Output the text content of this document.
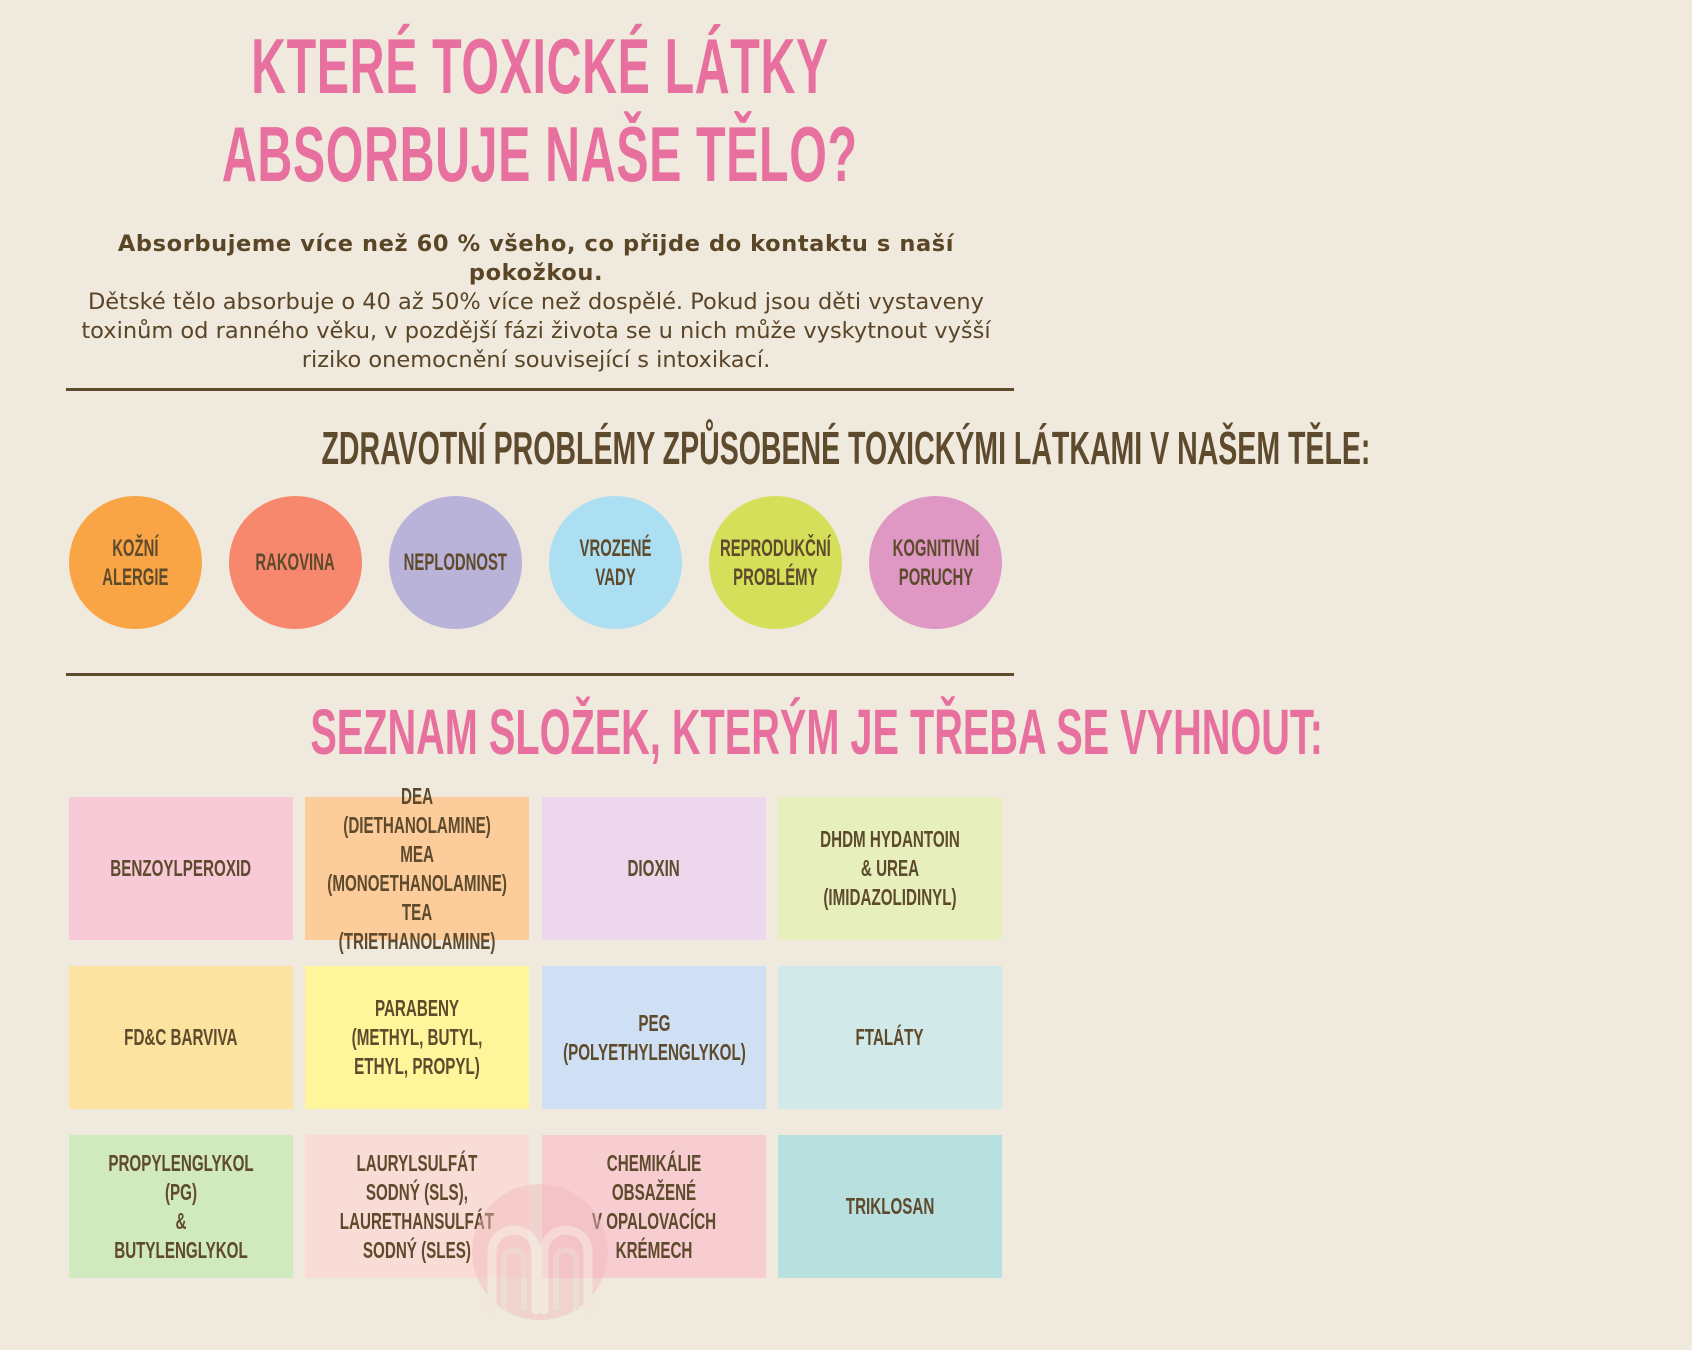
KTERÉ TOXICKÉ LÁTKY
ABSORBUJE NAŠE TĚLO?
Absorbujeme více než 60 % všeho, co přijde do kontaktu s naší pokožkou.
Dětské tělo absorbuje o 40 až 50% více než dospělé. Pokud jsou děti vystaveny toxinům od ranného věku, v pozdější fázi života se u nich může vyskytnout vyšší riziko onemocnění související s intoxikací.
ZDRAVOTNÍ PROBLÉMY ZPŮSOBENÉ TOXICKÝMI LÁTKAMI V NAŠEM TĚLE:
KOŽNÍ
ALERGIE
RAKOVINA	NEPLODNOST
VROZENÉ VADY
REPRODUKČNÍ
PROBLÉMY
KOGNITIVNÍ
PORUCHY
SEZNAM SLOŽEK, KTERÝM JE TŘEBA SE VYHNOUT:
BENZOYLPEROXID
DEA (DIETHANOLAMINE)
MEA (MONOETHANOLAMINE)
TEA (TRIETHANOLAMINE)
DIOXIN
DHDM HYDANTOIN & UREA
(IMIDAZOLIDINYL)
FD&C BARVIVA
PARABENY (METHYL, BUTYL,
ETHYL, PROPYL)
PEG (POLYETHYLENGLYKOL)
FTALÁTY
PROPYLENGLYKOL (PG)
& BUTYLENGLYKOL
LAURYLSULFÁT SODNÝ (SLS),
LAURETHANSULFÁT
SODNÝ (SLES)
CHEMIKÁLIE OBSAŽENÉ
OPALOVACÍCH KRÉMECH
TRIKLOSAN
